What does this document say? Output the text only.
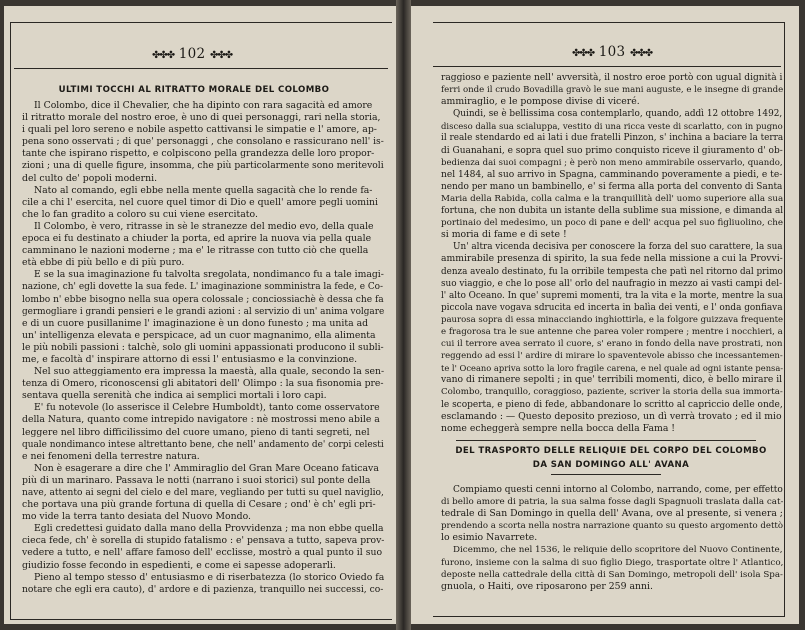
✤✤✤ 102 ✤✤✤
ULTIMI TOCCHI AL RITRATTO MORALE DEL COLOMBO
Il Colombo, dice il Chevalier, che ha dipinto con rara sagacità ed amore
il ritratto morale del nostro eroe, è uno di quei personaggi, rari nella storia,
i quali pel loro sereno e nobile aspetto cattivansi le simpatie e l' amore, ap-
pena sono osservati ; di que' personaggi , che consolano e rassicurano nell' is-
tante che ispirano rispetto, e colpiscono pella grandezza delle loro propor-
zioni ; una di quelle figure, insomma, che più particolarmente sono meritevoli
del culto de' popoli moderni.
Nato al comando, egli ebbe nella mente quella sagacità che lo rende fa-
cile a chi l' esercita, nel cuore quel timor di Dio e quell' amore pegli uomini
che lo fan gradito a coloro su cui viene esercitato.
Il Colombo, è vero, ritrasse in sè le stranezze del medio evo, della quale
epoca ei fu destinato a chiuder la porta, ed aprire la nuova via pella quale
camminano le nazioni moderne ; ma e' le ritrasse con tutto ciò che quella
età ebbe di più bello e di più puro.
E se la sua imaginazione fu talvolta sregolata, nondimanco fu a tale imagi-
nazione, ch' egli dovette la sua fede. L' imaginazione somministra la fede, e Co-
lombo n' ebbe bisogno nella sua opera colossale ; conciossiachè è dessa che fa
germogliare i grandi pensieri e le grandi azioni : al servizio di un' anima volgare
e di un cuore pusillanime l' imaginazione è un dono funesto ; ma unita ad
un' intelligenza elevata e perspicace, ad un cuor magnanimo, ella alimenta
le più nobili passioni : talchè, solo gli uomini appassionati producono il subli-
me, e facoltà d' inspirare attorno di essi l' entusiasmo e la convinzione.
Nel suo atteggiamento era impressa la maestà, alla quale, secondo la sen-
tenza di Omero, riconoscensi gli abitatori dell' Olimpo : la sua fisonomia pre-
sentava quella serenità che indica ai semplici mortali i loro capi.
E' fu notevole (lo asserisce il Celebre Humboldt), tanto come osservatore
della Natura, quanto come intrepido navigatore : nè mostrossi meno abile a
leggere nel libro difficilissimo del cuore umano, pieno di tanti segreti, nel
quale nondimanco intese altrettanto bene, che nell' andamento de' corpi celesti
e nei fenomeni della terrestre natura.
Non è esagerare a dire che l' Ammiraglio del Gran Mare Oceano faticava
più di un marinaro. Passava le notti (narrano i suoi storici) sul ponte della
nave, attento ai segni del cielo e del mare, vegliando per tutti su quel naviglio,
che portava una più grande fortuna di quella di Cesare ; ond' è ch' egli pri-
mo vide la terra tanto desiata del Nuovo Mondo.
Egli credettesi guidato dalla mano della Provvidenza ; ma non ebbe quella
cieca fede, ch' è sorella di stupido fatalismo : e' pensava a tutto, sapeva prov-
vedere a tutto, e nell' affare famoso dell' ecclisse, mostrò a qual punto il suo
giudizio fosse fecondo in espedienti, e come ei sapesse adoperarli.
Pieno al tempo stesso d' entusiasmo e di riserbatezza (lo storico Oviedo fa
notare che egli era cauto), d' ardore e di pazienza, tranquillo nei successi, co-
✤✤✤ 103 ✤✤✤
raggioso e paziente nell' avversità, il nostro eroe portò con ugual dignità i
ferri onde il crudo Bovadilla gravò le sue mani auguste, e le insegne di grande
ammiraglio, e le pompose divise di viceré.
Quindi, se è bellissima cosa contemplarlo, quando, addì 12 ottobre 1492,
disceso dalla sua scialuppa, vestito di una ricca veste di scarlatto, con in pugno
il reale stendardo ed ai lati i due fratelli Pinzon, s' inchina a baciare la terra
di Guanahani, e sopra quel suo primo conquisto riceve il giuramento d' ob-
bedienza dai suoi compagni ; è però non meno ammirabile osservarlo, quando,
nel 1484, al suo arrivo in Spagna, camminando poveramente a piedi, e te-
nendo per mano un bambinello, e' si ferma alla porta del convento di Santa
Maria della Rabida, colla calma e la tranquillità dell' uomo superiore alla sua
fortuna, che non dubita un istante della sublime sua missione, e dimanda al
portinaio del medesimo, un poco di pane e dell' acqua pel suo figliuolino, che
si moria di fame e di sete !
Un' altra vicenda decisiva per conoscere la forza del suo carattere, la sua
ammirabile presenza di spirito, la sua fede nella missione a cui la Provvi-
denza avealo destinato, fu la orribile tempesta che patì nel ritorno dal primo
suo viaggio, e che lo pose all' orlo del naufragio in mezzo ai vasti campi del-
l' alto Oceano. In que' supremi momenti, tra la vita e la morte, mentre la sua
piccola nave vogava sdrucita ed incerta in balìa dei venti, e l' onda gonfiava
paurosa sopra di essa minacciando inghiottirla, e la folgore guizzava frequente
e fragorosa tra le sue antenne che parea voler rompere ; mentre i nocchieri, a
cui il terrore avea serrato il cuore, s' erano in fondo della nave prostrati, non
reggendo ad essi l' ardire di mirare lo spaventevole abisso che incessantemen-
te l' Oceano apriva sotto la loro fragile carena, e nel quale ad ogni istante pensa-
vano di rimanere sepolti ; in que' terribili momenti, dico, è bello mirare il
Colombo, tranquillo, coraggioso, paziente, scriver la storia della sua immorta-
le scoperta, e pieno di fede, abbandonare lo scritto al capriccio delle onde,
esclamando : — Questo deposito prezioso, un dì verrà trovato ; ed il mio
nome echeggerà sempre nella bocca della Fama !
DEL TRASPORTO DELLE RELIQUIE DEL CORPO DEL COLOMBO
DA SAN DOMINGO ALL' AVANA
Compiamo questi cenni intorno al Colombo, narrando, come, per effetto
di bello amore di patria, la sua salma fosse dagli Spagnuoli traslata dalla cat-
tedrale di San Domingo in quella dell' Avana, ove al presente, si venera ;
prendendo a scorta nella nostra narrazione quanto su questo argomento dettò
lo esimio Navarrete.
Dicemmo, che nel 1536, le reliquie dello scopritore del Nuovo Continente,
furono, insieme con la salma di suo figlio Diego, trasportate oltre l' Atlantico,
deposte nella cattedrale della città di San Domingo, metropoli dell' isola Spa-
gnuola, o Haiti, ove riposarono per 259 anni.
